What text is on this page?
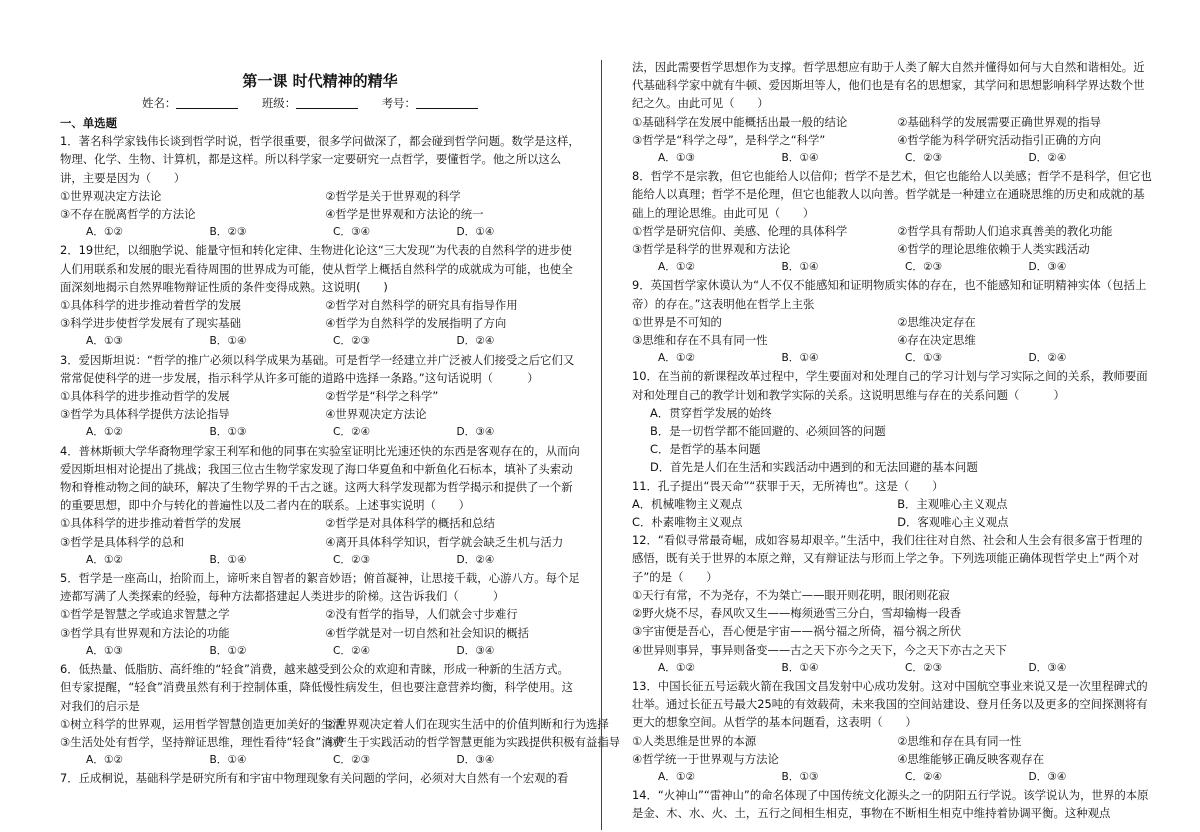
第一课 时代精神的精华
姓名：	班级：	考号：
一、单选题

1．著名科学家钱伟长谈到哲学时说，哲学很重要，很多学问做深了，都会碰到哲学问题。数学是这样，物理、化学、生物、计算机，都是这样。所以科学家一定要研究一点哲学，要懂哲学。他之所以这么讲，主要是因为（　　）

①世界观决定方法论	②哲学是关于世界观的科学
③不存在脱离哲学的方法论	④哲学是世界观和方法论的统一
A．①②	B．②③	C．③④	D．①④

2．19世纪，以细胞学说、能量守恒和转化定律、生物进化论这“三大发现”为代表的自然科学的进步使人们用联系和发展的眼光看待周围的世界成为可能，使从哲学上概括自然科学的成就成为可能，也使全面深刻地揭示自然界唯物辩证性质的条件变得成熟。这说明(　　)

①具体科学的进步推动着哲学的发展	②哲学对自然科学的研究具有指导作用
③科学进步使哲学发展有了现实基础	④哲学为自然科学的发展指明了方向
A．①③	B．①④	C．②③	D．②④

3．爱因斯坦说：“哲学的推广必须以科学成果为基础。可是哲学一经建立并广泛被人们接受之后它们又常常促使科学的进一步发展，指示科学从许多可能的道路中选择一条路。”这句话说明（　　　）

①具体科学的进步推动哲学的发展	②哲学是“科学之科学”
③哲学为具体科学提供方法论指导	④世界观决定方法论
A．①②	B．①③	C．②④	D．③④

4．普林斯顿大学华裔物理学家王利军和他的同事在实验室证明比光速还快的东西是客观存在的，从而向爱因斯坦相对论提出了挑战；我国三位古生物学家发现了海口华夏鱼和中新鱼化石标本，填补了头索动物和脊椎动物之间的缺环，解决了生物学界的千古之谜。这两大科学发现都为哲学揭示和提供了一个新的重要思想，即中介与转化的普遍性以及二者内在的联系。上述事实说明（　　）

①具体科学的进步推动着哲学的发展	②哲学是对具体科学的概括和总结
③哲学是具体科学的总和	④离开具体科学知识，哲学就会缺乏生机与活力
A．①②	B．①④	C．②③	D．②④

5．哲学是一座高山，抬阶而上，谛听来自智者的絮音妙语；俯首凝神，让思接千载，心游八方。每个足迹都写满了人类探索的经验，每种方法都搭建起人类进步的阶梯。这告诉我们（　　　）

①哲学是智慧之学或追求智慧之学	②没有哲学的指导，人们就会寸步难行
③哲学具有世界观和方法论的功能	④哲学就是对一切自然和社会知识的概括
A．①③	B．①②	C．②④	D．③④

6．低热量、低脂肪、高纤维的“轻食”消费，越来越受到公众的欢迎和青睐，形成一种新的生活方式。但专家提醒，“轻食”消费虽然有利于控制体重，降低慢性病发生，但也要注意营养均衡，科学使用。这对我们的启示是

①树立科学的世界观，运用哲学智慧创造更加美好的生活
②世界观决定着人们在现实生活中的价值判断和行为选择
③生活处处有哲学，坚持辩证思维，理性看待“轻食”消费
④产生于实践活动的哲学智慧更能为实践提供积极有益指导
A．①②	B．①④	C．②③	D．③④

7．丘成桐说，基础科学是研究所有和宇宙中物理现象有关问题的学问，必须对大自然有一个宏观的看

法，因此需要哲学思想作为支撑。哲学思想应有助于人类了解大自然并懂得如何与大自然和谐相处。近代基础科学家中就有牛顿、爱因斯坦等人，他们也是有名的思想家，其学问和思想影响科学界达数个世纪之久。由此可见（　　）

①基础科学在发展中能概括出最一般的结论	②基础科学的发展需要正确世界观的指导
③哲学是“科学之母”，是科学之“科学”	④哲学能为科学研究活动指引正确的方向
A．①③	B．①④	C．②③	D．②④

8．哲学不是宗教，但它也能给人以信仰；哲学不是艺术，但它也能给人以美感；哲学不是科学，但它也能给人以真理；哲学不是伦理，但它也能教人以向善。哲学就是一种建立在通晓思维的历史和成就的基础上的理论思维。由此可见（　　）

①哲学是研究信仰、美感、伦理的具体科学	②哲学具有帮助人们追求真善美的教化功能
③哲学是科学的世界观和方法论	④哲学的理论思维依赖于人类实践活动
A．①②	B．①④	C．②③	D．③④

9．英国哲学家休谟认为“人不仅不能感知和证明物质实体的存在，也不能感知和证明精神实体（包括上帝）的存在。”这表明他在哲学上主张

①世界是不可知的	②思维决定存在
③思维和存在不具有同一性	④存在决定思维
A．①②	B．①④	C．①③	D．②④

10．在当前的新课程改革过程中，学生要面对和处理自己的学习计划与学习实际之间的关系，教师要面对和处理自己的教学计划和教学实际的关系。这说明思维与存在的关系问题（　　　）

A．贯穿哲学发展的始终
B．是一切哲学都不能回避的、必须回答的问题
C．是哲学的基本问题
D．首先是人们在生活和实践活动中遇到的和无法回避的基本问题

11．孔子提出“畏天命”“获罪于天，无所祷也”。这是（　　）

A．机械唯物主义观点	B．主观唯心主义观点
C．朴素唯物主义观点	D．客观唯心主义观点

12．“看似寻常最奇崛，成如容易却艰辛。”生活中，我们往往对自然、社会和人生会有很多富于哲理的感悟，既有关于世界的本原之辩，又有辩证法与形而上学之争。下列选项能正确体现哲学史上“两个对子”的是（　　）

①天行有常，不为尧存，不为桀亡——眼开则花明，眼闭则花寂
②野火烧不尽，春风吹又生——梅须逊雪三分白，雪却输梅一段香
③宇宙便是吾心，吾心便是宇宙——祸兮福之所倚，福兮祸之所伏
④世异则事异，事异则备变——古之天下亦今之天下，今之天下亦古之天下
A．①②	B．①④	C．②③	D．③④

13．中国长征五号运载火箭在我国文昌发射中心成功发射。这对中国航空事业来说又是一次里程碑式的壮举。通过长征五号最大25吨的有效载荷，未来我国的空间站建设、登月任务以及更多的空间探测将有更大的想象空间。从哲学的基本问题看，这表明（　　）

①人类思维是世界的本源	②思维和存在具有同一性
④哲学统一于世界观与方法论	④思维能够正确反映客观存在
A．①②	B．①③	C．②④	D．③④

14．“火神山”“雷神山”的命名体现了中国传统文化源头之一的阴阳五行学说。该学说认为，世界的本原是金、木、水、火、土，五行之间相生相克，事物在不断相生相克中维持着协调平衡。这种观点
